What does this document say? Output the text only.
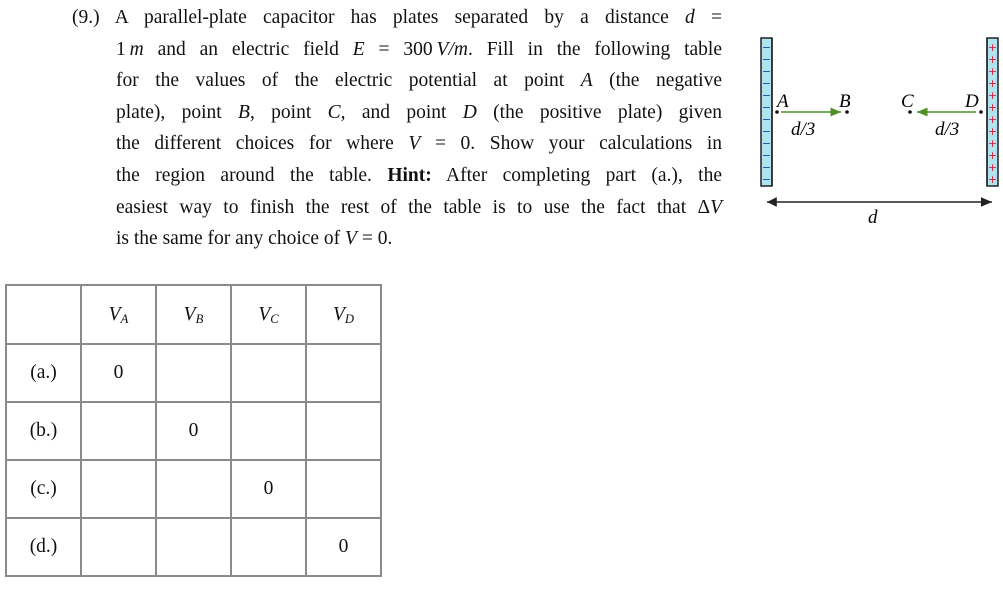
(9.) A parallel-plate capacitor has plates separated by a distance d =
1  m and an electric field E = 300  V/m. Fill in the following table
for the values of the electric potential at point A (the negative
plate), point B, point C, and point D (the positive plate) given
the different choices for where V = 0. Show your calculations in
the region around the table. Hint: After completing part (a.), the
easiest way to finish the rest of the table is to use the fact that ΔV
is the same for any choice of V = 0.
	$V_A$	$V_B$	$V_C$	$V_D$
(a.)	0			
(b.)		0		
(c.)			0	
(d.)				0
−
−
−
−
−
−
−
−
−
−
−
−
+
+
+
+
+
+
+
+
+
+
+
+
A	B	C	D
d/3	d/3
d
